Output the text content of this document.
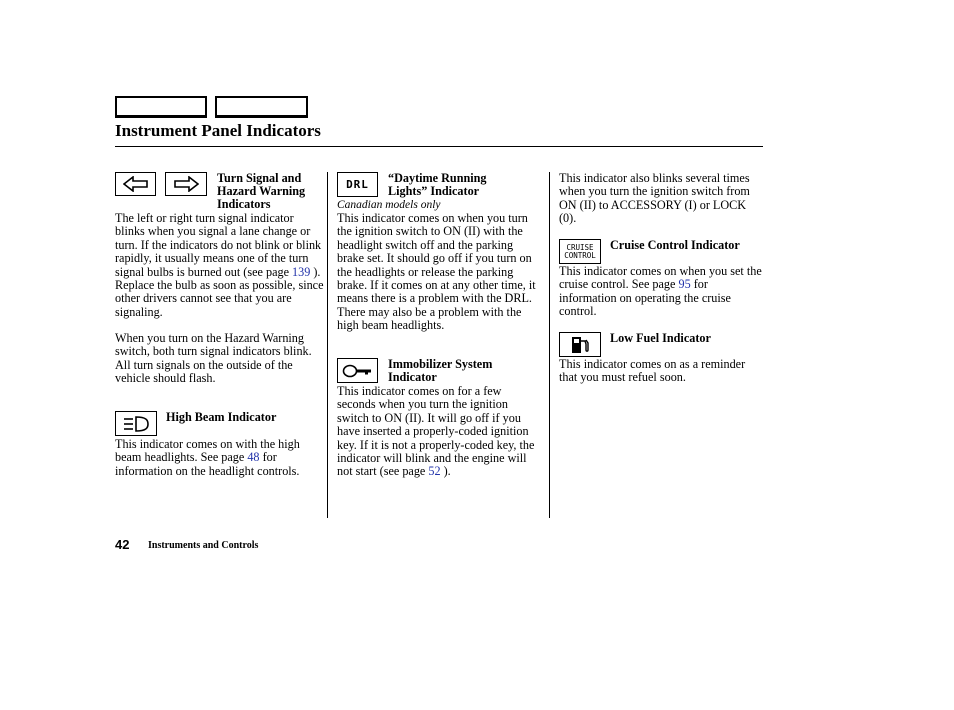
Instrument Panel Indicators
Turn Signal and
Hazard Warning
Indicators
The left or right turn signal indicator blinks when you signal a lane change or turn. If the indicators do not blink or blink rapidly, it usually means one of the turn signal bulbs is burned out (see page 139 ). Replace the bulb as soon as possible, since other drivers cannot see that you are signaling.
When you turn on the Hazard Warning switch, both turn signal indicators blink. All turn signals on the outside of the vehicle should flash.
High Beam Indicator
This indicator comes on with the high beam headlights. See page 48 for information on the headlight controls.
DRL	“Daytime Running
Lights” Indicator
Canadian models only
This indicator comes on when you turn the ignition switch to ON (II) with the headlight switch off and the parking brake set. It should go off if you turn on the headlights or release the parking brake. If it comes on at any other time, it means there is a problem with the DRL. There may also be a problem with the high beam headlights.
Immobilizer System
Indicator
This indicator comes on for a few seconds when you turn the ignition switch to ON (II). It will go off if you have inserted a properly-coded ignition key. If it is not a properly-coded key, the indicator will blink and the engine will not start (see page 52 ).
This indicator also blinks several times when you turn the ignition switch from ON (II) to ACCESSORY (I) or LOCK (0).
CRUISE
CONTROL
Cruise Control Indicator
This indicator comes on when you set the cruise control. See page 95 for information on operating the cruise control.
Low Fuel Indicator
This indicator comes on as a reminder that you must refuel soon.
42 Instruments and Controls
